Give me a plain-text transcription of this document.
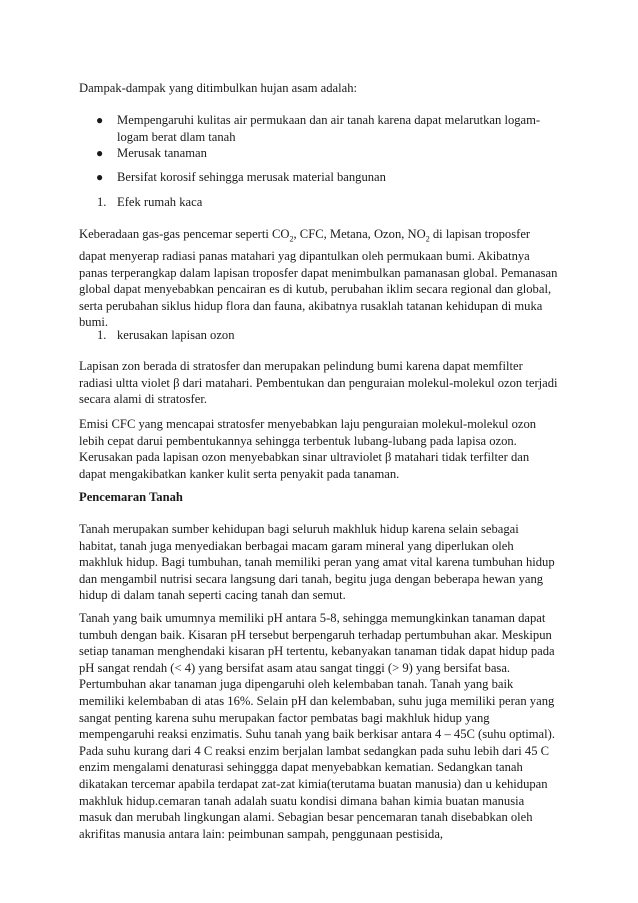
Dampak-dampak yang ditimbulkan hujan asam adalah:

● Mempengaruhi kulitas air permukaan dan air tanah karena dapat melarutkan logam-logam berat dlam tanah

● Merusak tanaman

● Bersifat korosif sehingga merusak material bangunan

1. Efek rumah kaca

Keberadaan gas-gas pencemar seperti $CO_2$, CFC, Metana, Ozon, $NO_2$ di lapisan troposfer dapat menyerap radiasi panas matahari yag dipantulkan oleh permukaan bumi. Akibatnya panas terperangkap dalam lapisan troposfer dapat menimbulkan pamanasan global. Pemanasan global dapat menyebabkan pencairan es di kutub, perubahan iklim secara regional dan global, serta perubahan siklus hidup flora dan fauna, akibatnya rusaklah tatanan kehidupan di muka bumi.

1. kerusakan lapisan ozon

Lapisan zon berada di stratosfer dan merupakan pelindung bumi karena dapat memfilter radiasi ultta violet β dari matahari. Pembentukan dan penguraian molekul-molekul ozon terjadi secara alami di stratosfer.

Emisi CFC yang mencapai stratosfer menyebabkan laju penguraian molekul-molekul ozon lebih cepat darui pembentukannya sehingga terbentuk lubang-lubang pada lapisa ozon. Kerusakan pada lapisan ozon menyebabkan sinar ultraviolet β matahari tidak terfilter dan dapat mengakibatkan kanker kulit serta penyakit pada tanaman.

Pencemaran Tanah

Tanah merupakan sumber kehidupan bagi seluruh makhluk hidup karena selain sebagai habitat, tanah juga menyediakan berbagai macam garam mineral yang diperlukan oleh makhluk hidup. Bagi tumbuhan, tanah memiliki peran yang amat vital karena tumbuhan hidup dan mengambil nutrisi secara langsung dari tanah, begitu juga dengan beberapa hewan yang hidup di dalam tanah seperti cacing tanah dan semut.

Tanah yang baik umumnya memiliki pH antara 5-8, sehingga memungkinkan tanaman dapat tumbuh dengan baik. Kisaran pH tersebut berpengaruh terhadap pertumbuhan akar. Meskipun setiap tanaman menghendaki kisaran pH tertentu, kebanyakan tanaman tidak dapat hidup pada pH sangat rendah (< 4) yang bersifat asam atau sangat tinggi (> 9) yang bersifat basa. Pertumbuhan akar tanaman juga dipengaruhi oleh kelembaban tanah. Tanah yang baik memiliki kelembaban di atas 16%. Selain pH dan kelembaban, suhu juga memiliki peran yang sangat penting karena suhu merupakan factor pembatas bagi makhluk hidup yang mempengaruhi reaksi enzimatis. Suhu tanah yang baik berkisar antara 4 – 45C (suhu optimal). Pada suhu kurang dari 4 C reaksi enzim berjalan lambat sedangkan pada suhu lebih dari 45 C enzim mengalami denaturasi sehinggga dapat menyebabkan kematian. Sedangkan tanah dikatakan tercemar apabila terdapat zat-zat kimia(terutama buatan manusia) dan u kehidupan makhluk hidup.cemaran tanah adalah suatu kondisi dimana bahan kimia buatan manusia masuk dan merubah lingkungan alami. Sebagian besar pencemaran tanah disebabkan oleh akrifitas manusia antara lain: peimbunan sampah, penggunaan pestisida,
